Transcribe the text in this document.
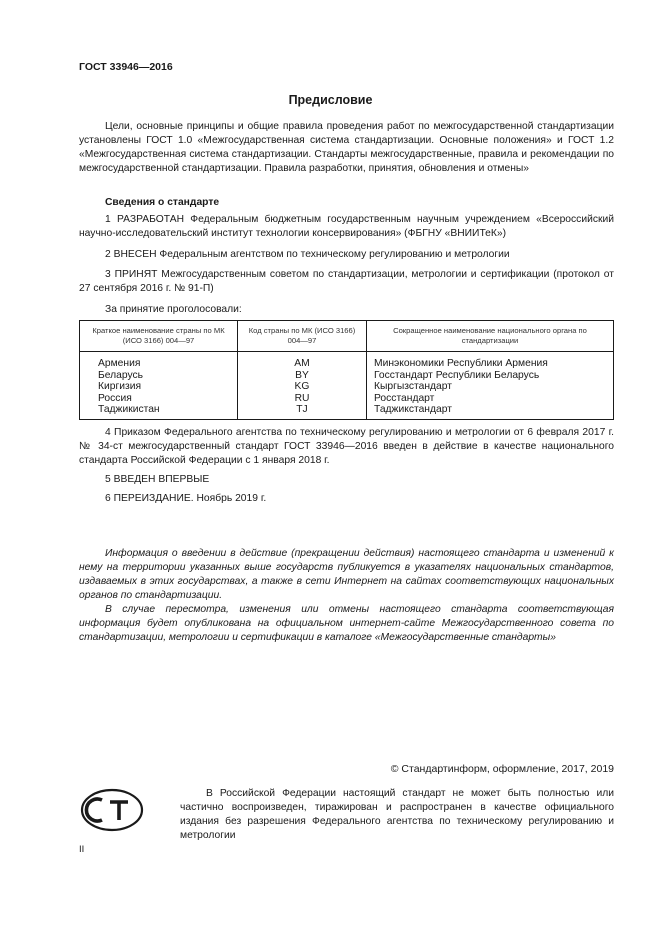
ГОСТ 33946—2016
Предисловие

Цели, основные принципы и общие правила проведения работ по межгосударственной стандартизации установлены ГОСТ 1.0 «Межгосударственная система стандартизации. Основные положения» и ГОСТ 1.2 «Межгосударственная система стандартизации. Стандарты межгосударственные, правила и рекомендации по межгосударственной стандартизации. Правила разработки, принятия, обновления и отмены»

Сведения о стандарте

1 РАЗРАБОТАН Федеральным бюджетным государственным научным учреждением «Всероссийский научно-исследовательский институт технологии консервирования» (ФБГНУ «ВНИИТеК»)

2 ВНЕСЕН Федеральным агентством по техническому регулированию и метрологии

3 ПРИНЯТ Межгосударственным советом по стандартизации, метрологии и сертификации (протокол от 27 сентября 2016 г. № 91-П)

За принятие проголосовали:

Краткое наименование страны по МК (ИСО 3166) 004—97	Код страны по МК (ИСО 3166) 004—97	Сокращенное наименование национального органа по стандартизации
Армения	AM	Минэкономики Республики Армения
Беларусь	BY	Госстандарт Республики Беларусь
Киргизия	KG	Кыргызстандарт
Россия	RU	Росстандарт
Таджикистан	TJ	Таджикстандарт

4 Приказом Федерального агентства по техническому регулированию и метрологии от 6 февраля 2017 г. № 34-ст межгосударственный стандарт ГОСТ 33946—2016 введен в действие в качестве национального стандарта Российской Федерации с 1 января 2018 г.

5 ВВЕДЕН ВПЕРВЫЕ

6 ПЕРЕИЗДАНИЕ. Ноябрь 2019 г.

Информация о введении в действие (прекращении действия) настоящего стандарта и изменений к нему на территории указанных выше государств публикуется в указателях национальных стандартов, издаваемых в этих государствах, а также в сети Интернет на сайтах соответствующих национальных органов по стандартизации.

В случае пересмотра, изменения или отмены настоящего стандарта соответствующая информация будет опубликована на официальном интернет-сайте Межгосударственного совета по стандартизации, метрологии и сертификации в каталоге «Межгосударственные стандарты»

© Стандартинформ, оформление, 2017, 2019

В Российской Федерации настоящий стандарт не может быть полностью или частично воспроизведен, тиражирован и распространен в качестве официального издания без разрешения Федерального агентства по техническому регулированию и метрологии

II
